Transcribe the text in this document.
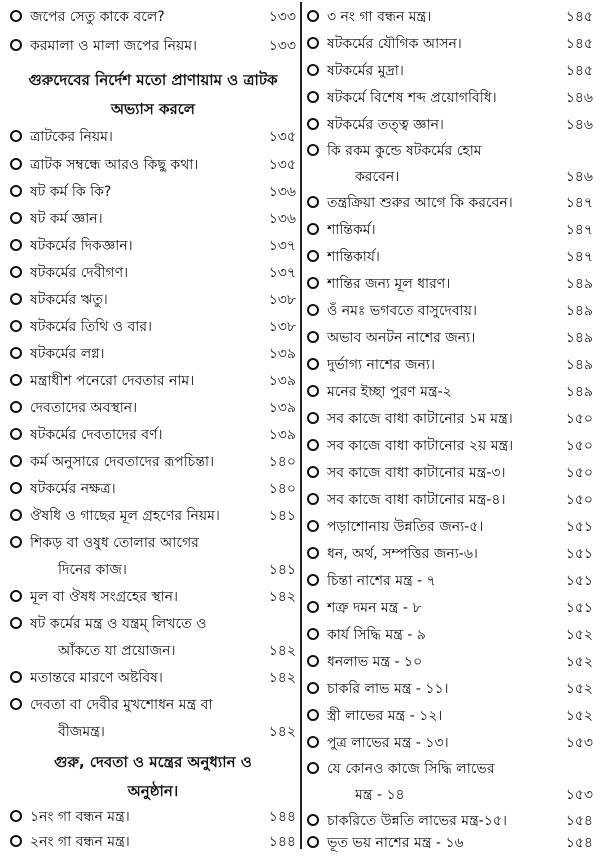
জপের সেতু কাকে বলে?	১৩৩
করমালা ও মালা জপের নিয়ম।	১৩৩
গুরুদেবের নির্দেশ মতো প্রাণায়াম ও ত্রাটক
অভ্যাস করলে
ত্রাটকের নিয়ম।	১৩৫
ত্রাটক সম্বন্ধে আরও কিছু কথা।	১৩৫
ষট কর্ম কি কি?	১৩৬
ষট কর্ম জ্ঞান।	১৩৬
ষটকর্মের দিকজ্ঞান।	১৩৭
ষটকর্মের দেবীগণ।	১৩৭
ষটকর্মের ঋতু।	১৩৮
ষটকর্মের তিথি ও বার।	১৩৮
ষটকর্মের লগ্ন।	১৩৯
মন্ত্রাধীশ পনেরো দেবতার নাম।	১৩৯
দেবতাদের অবস্থান।	১৩৯
ষটকর্মের দেবতাদের বর্ণ।	১৩৯
কর্ম অনুসারে দেবতাদের রূপচিন্তা।	১৪০
ষটকর্মের নক্ষত্র।	১৪০
ঔষধি ও গাছের মূল গ্রহণের নিয়ম।	১৪১
শিকড় বা ওষুধ তোলার আগের
দিনের কাজ।	১৪১
মূল বা ঔষধ সংগ্রহের স্থান।	১৪২
ষট কর্মের মন্ত্র ও যন্ত্রম্ লিখতে ও
আঁকতে যা প্রয়োজন।	১৪২
মতান্তরে মারণে অষ্টবিষ।	১৪২
দেবতা বা দেবীর মুখশোধন মন্ত্র বা
বীজমন্ত্র।	১৪২
গুরু, দেবতা ও মন্ত্রের অনুধ্যান ও
অনুষ্ঠান।
১নং গা বন্ধন মন্ত্র।	১৪৪
২নং গা বন্ধন মন্ত্র।	১৪৪
৩ নং গা বন্ধন মন্ত্র।	১৪৫
ষটকর্মের যৌগিক আসন।	১৪৫
ষটকর্মের মুদ্রা।	১৪৫
ষটকর্মে বিশেষ শব্দ প্রয়োগবিধি।	১৪৬
ষটকর্মের তত্ত্ব জ্ঞান।	১৪৬
কি রকম কুন্ডে ষটকর্মের হোম
করবেন।	১৪৬
তন্ত্রক্রিয়া শুরুর আগে কি করবেন।	১৪৭
শান্তিকর্ম।	১৪৭
শান্তিকার্য।	১৪৭
শান্তির জন্য মূল ধারণ।	১৪৯
ওঁ নমঃ ভগবতে বাসুদেবায়।	১৪৯
অভাব অনটন নাশের জন্য।	১৪৯
দুর্ভাগ্য নাশের জন্য।	১৪৯
মনের ইচ্ছা পুরণ মন্ত্র-২	১৪৯
সব কাজে বাধা কাটানোর ১ম মন্ত্র।	১৫০
সব কাজে বাধা কাটানোর ২য় মন্ত্র।	১৫০
সব কাজে বাধা কাটানোর মন্ত্র-৩।	১৫০
সব কাজে বাধা কাটানোর মন্ত্র-৪।	১৫০
পড়াশোনায় উন্নতির জন্য-৫।	১৫১
ধন, অর্থ, সম্পত্তির জন্য-৬।	১৫১
চিন্তা নাশের মন্ত্র - ৭	১৫১
শত্রু দমন মন্ত্র - ৮	১৫১
কার্য সিদ্ধি মন্ত্র - ৯	১৫২
ধনলাভ মন্ত্র - ১০	১৫২
চাকরি লাভ মন্ত্র - ১১।	১৫২
স্ত্রী লাভের মন্ত্র - ১২।	১৫২
পুত্র লাভের মন্ত্র - ১৩।	১৫৩
যে কোনও কাজে সিদ্ধি লাভের
মন্ত্র - ১৪	১৫৩
চাকরিতে উন্নতি লাভের মন্ত্র-১৫।	১৫৪
ভূত ভয় নাশের মন্ত্র - ১৬	১৫৪
